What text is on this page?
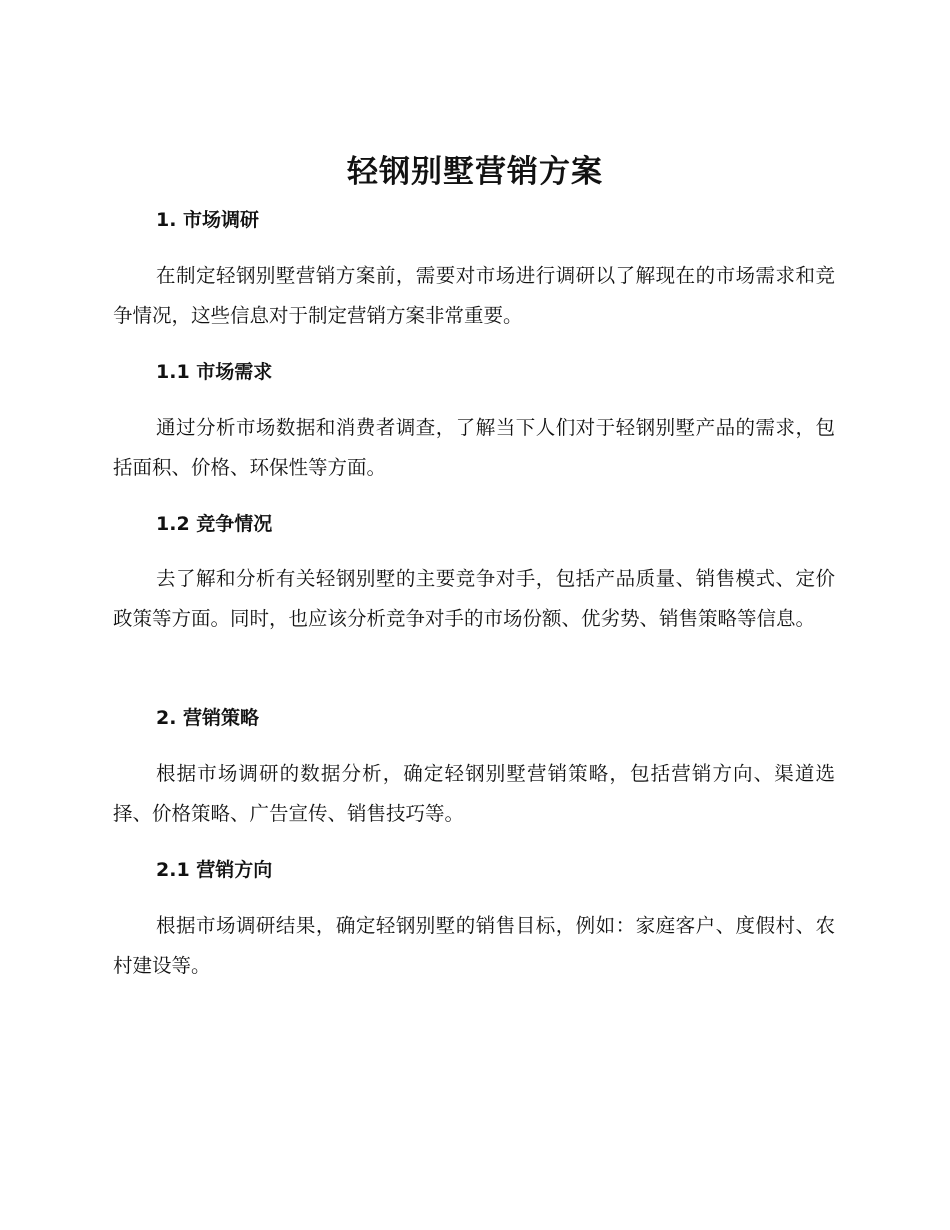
轻钢别墅营销方案
1. 市场调研

在制定轻钢别墅营销方案前，需要对市场进行调研以了解现在的市场需求和竞争情况，这些信息对于制定营销方案非常重要。

1.1 市场需求

通过分析市场数据和消费者调查，了解当下人们对于轻钢别墅产品的需求，包括面积、价格、环保性等方面。

1.2 竞争情况

去了解和分析有关轻钢别墅的主要竞争对手，包括产品质量、销售模式、定价政策等方面。同时，也应该分析竞争对手的市场份额、优劣势、销售策略等信息。

2. 营销策略

根据市场调研的数据分析，确定轻钢别墅营销策略，包括营销方向、渠道选择、价格策略、广告宣传、销售技巧等。

2.1 营销方向

根据市场调研结果，确定轻钢别墅的销售目标，例如：家庭客户、度假村、农村建设等。
